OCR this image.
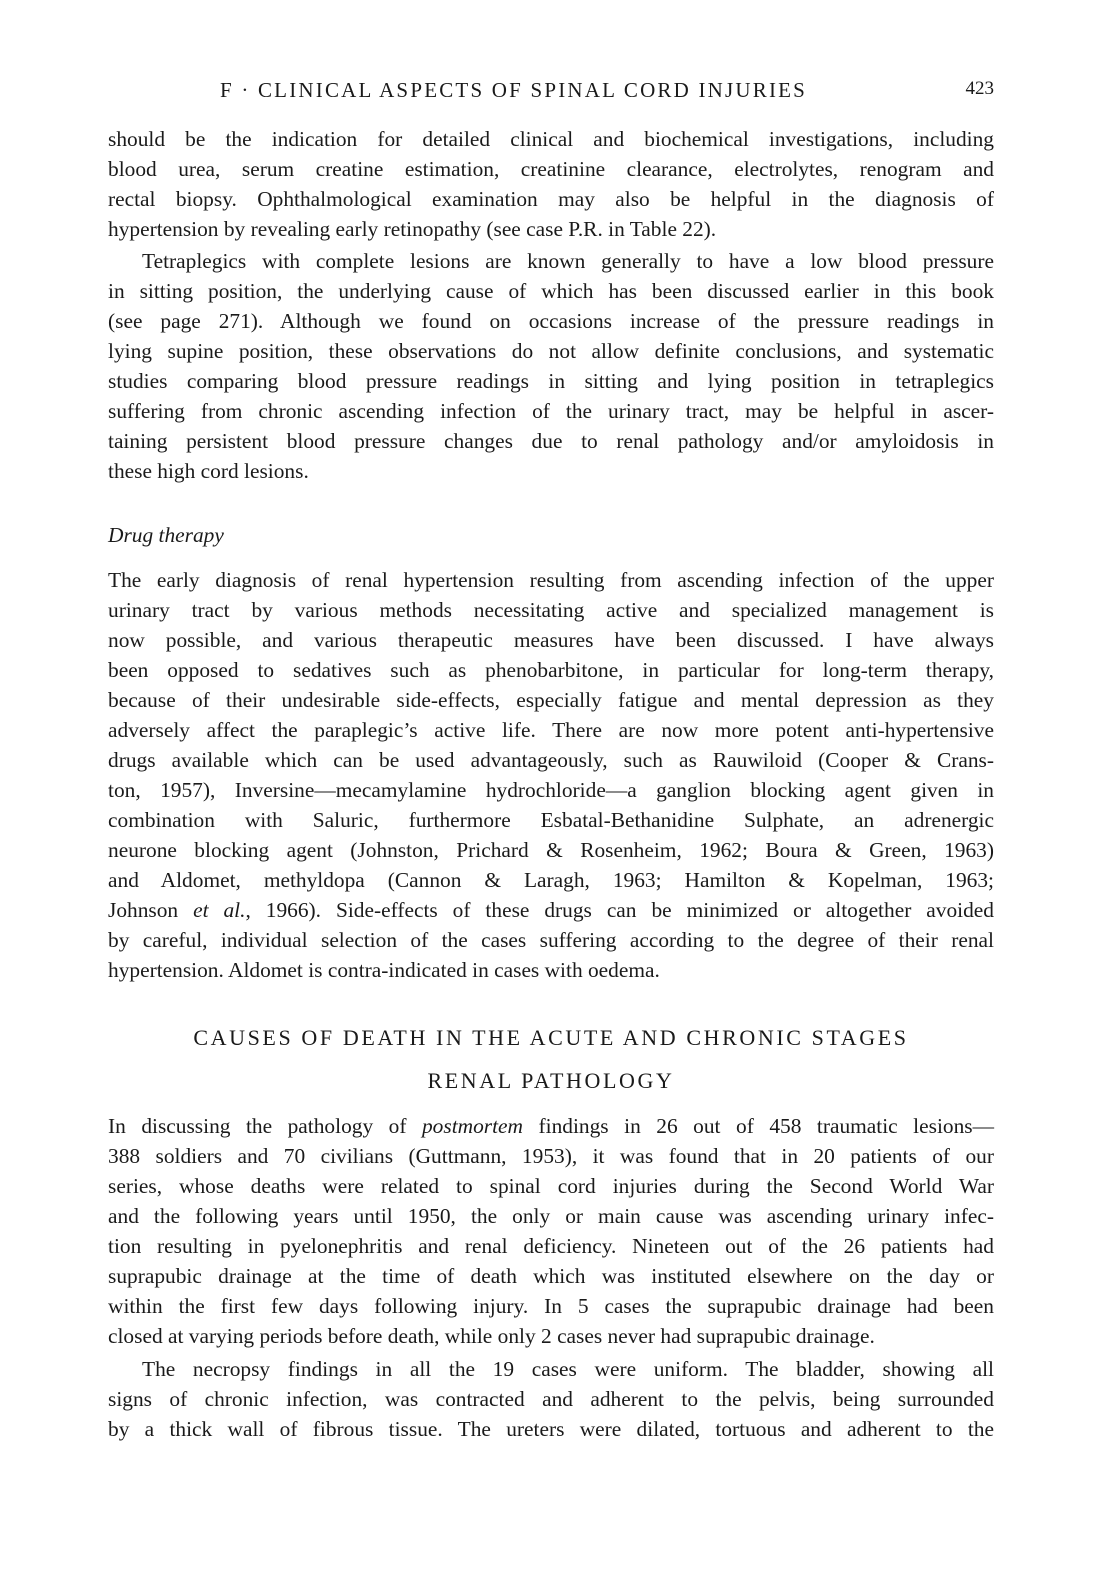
F · CLINICAL ASPECTS OF SPINAL CORD INJURIES	423
should be the indication for detailed clinical and biochemical investigations, including
blood urea, serum creatine estimation, creatinine clearance, electrolytes, renogram and
rectal biopsy. Ophthalmological examination may also be helpful in the diagnosis of
hypertension by revealing early retinopathy (see case P.R. in Table 22).
Tetraplegics with complete lesions are known generally to have a low blood pressure
in sitting position, the underlying cause of which has been discussed earlier in this book
(see page 271). Although we found on occasions increase of the pressure readings in
lying supine position, these observations do not allow definite conclusions, and systematic
studies comparing blood pressure readings in sitting and lying position in tetraplegics
suffering from chronic ascending infection of the urinary tract, may be helpful in ascer-
taining persistent blood pressure changes due to renal pathology and/or amyloidosis in
these high cord lesions.
Drug therapy
The early diagnosis of renal hypertension resulting from ascending infection of the upper
urinary tract by various methods necessitating active and specialized management is
now possible, and various therapeutic measures have been discussed. I have always
been opposed to sedatives such as phenobarbitone, in particular for long-term therapy,
because of their undesirable side-effects, especially fatigue and mental depression as they
adversely affect the paraplegic’s active life. There are now more potent anti-hypertensive
drugs available which can be used advantageously, such as Rauwiloid (Cooper & Crans-
ton, 1957), Inversine—mecamylamine hydrochloride—a ganglion blocking agent given in
combination with Saluric, furthermore Esbatal-Bethanidine Sulphate, an adrenergic
neurone blocking agent (Johnston, Prichard & Rosenheim, 1962; Boura & Green, 1963)
and Aldomet, methyldopa (Cannon & Laragh, 1963; Hamilton & Kopelman, 1963;
Johnson et al., 1966). Side-effects of these drugs can be minimized or altogether avoided
by careful, individual selection of the cases suffering according to the degree of their renal
hypertension. Aldomet is contra-indicated in cases with oedema.
CAUSES OF DEATH IN THE ACUTE AND CHRONIC STAGES
RENAL PATHOLOGY
In discussing the pathology of postmortem findings in 26 out of 458 traumatic lesions—
388 soldiers and 70 civilians (Guttmann, 1953), it was found that in 20 patients of our
series, whose deaths were related to spinal cord injuries during the Second World War
and the following years until 1950, the only or main cause was ascending urinary infec-
tion resulting in pyelonephritis and renal deficiency. Nineteen out of the 26 patients had
suprapubic drainage at the time of death which was instituted elsewhere on the day or
within the first few days following injury. In 5 cases the suprapubic drainage had been
closed at varying periods before death, while only 2 cases never had suprapubic drainage.
The necropsy findings in all the 19 cases were uniform. The bladder, showing all
signs of chronic infection, was contracted and adherent to the pelvis, being surrounded
by a thick wall of fibrous tissue. The ureters were dilated, tortuous and adherent to the
